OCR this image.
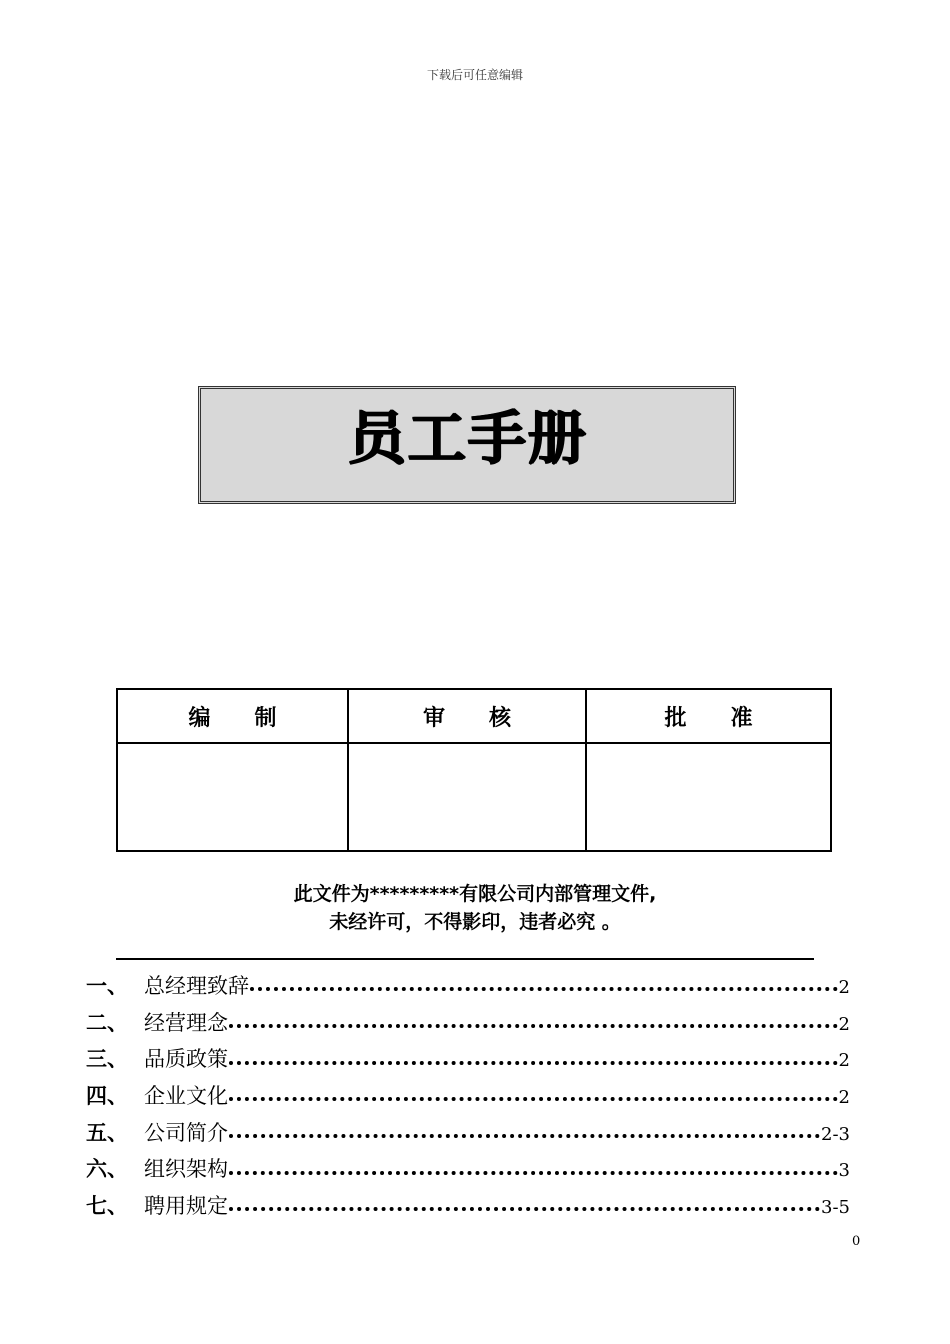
下载后可任意编辑
员工手册
编　　制	审　　核	批　　准

此文件为*********有限公司内部管理文件,
未经许可，不得影印，违者必究 。
一、 总经理致辞	2
二、 经营理念	2
三、 品质政策	2
四、 企业文化	2
五、 公司简介	2-3
六、 组织架构	3
七、 聘用规定	3-5
0
